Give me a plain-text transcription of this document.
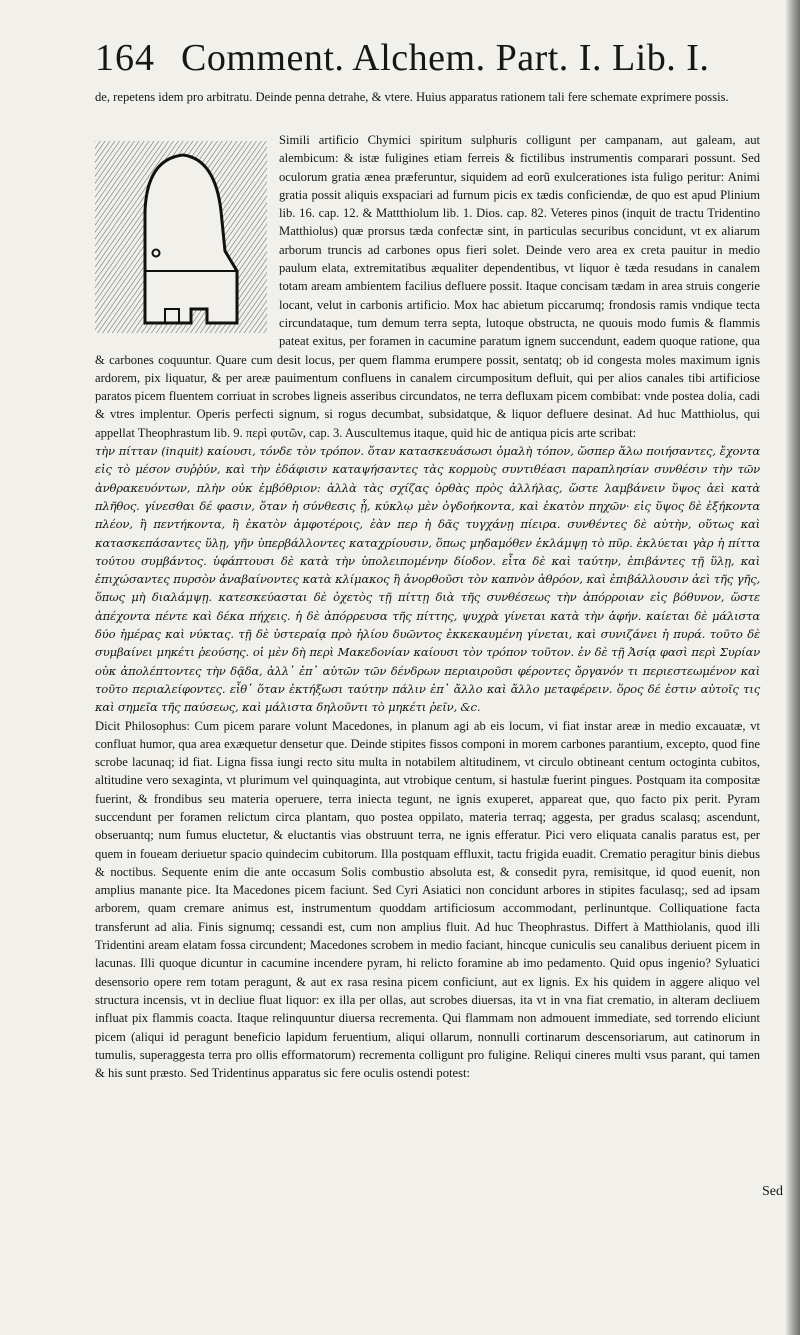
164 Comment. Alchem. Part. I. Lib. I.

de, repetens idem pro arbitratu. Deinde penna detrahe, & vtere. Huius apparatus rationem tali fere schemate exprimere possis.

Simili artificio Chymici spiritum sulphuris colligunt per campanam, aut galeam, aut alembicum: & istæ fuligines etiam ferreis & fictilibus instrumentis comparari possunt. Sed oculorum gratia ænea præferuntur, siquidem ad eorũ exulcerationes ista fuligo peritur: Animi gratia possit aliquis exspaciari ad furnum picis ex tædis conficiendæ, de quo est apud Plinium lib. 16. cap. 12. & Mattthiolum lib. 1. Dios. cap. 82. Veteres pinos (inquit de tractu Tridentino Matthiolus) quæ prorsus tæda confectæ sint, in particulas securibus concidunt, vt ex aliarum arborum truncis ad carbones opus fieri solet. Deinde vero area ex creta pauitur in medio paulum elata, extremitatibus æqualiter dependentibus, vt liquor è tæda resudans in canalem totam aream ambientem facilius defluere possit. Itaque concisam tædam in area struis congerie locant, velut in carbonis artificio. Mox hac abietum piccarumq; frondosis ramis vndique tecta circundataque, tum demum terra septa, lutoque obstructa, ne quouis modo fumis & flammis pateat exitus, per foramen in cacumine paratum ignem succendunt, eadem quoque ratione, qua & carbones coquuntur. Quare cum desit locus, per quem flamma erumpere possit, sentatq; ob id congesta moles maximum ignis ardorem, pix liquatur, & per areæ pauimentum confluens in canalem circumpositum defluit, qui per alios canales tibi artificiose paratos picem fluentem corriuat in scrobes ligneis asseribus circundatos, ne terra defluxam picem combibat: vnde postea dolia, cadi & vtres implentur. Operis perfecti signum, si rogus decumbat, subsidatque, & liquor defluere desinat. Ad huc Matthiolus, qui appellat Theophrastum lib. 9. περὶ φυτῶν, cap. 3. Auscultemus itaque, quid hic de antiqua picis arte scribat:

τὴν πίτταν (inquit) καίουσι, τόνδε τὸν τρόπον. ὅταν κατασκευάσωσι ὁμαλὴ τόπον, ὥσπερ ἅλω ποιήσαντες, ἔχοντα εἰς τὸ μέσον συῤῥύν, καὶ τὴν ἐδάφισιν καταψήσαντες τὰς κορμοὺς συντιθέασι παραπλησίαν συνθέσιν τὴν τῶν ἀνθρακευόντων, πλὴν οὐκ ἐμβόθριον: ἀλλὰ τὰς σχίζας ὀρθὰς πρὸς ἀλλήλας, ὥστε λαμβάνειν ὕψος ἀεὶ κατὰ πλῆθος. γίνεσθαι δέ φασιν, ὅταν ἡ σύνθεσις ᾖ, κύκλῳ μὲν ὀγδοήκοντα, καὶ ἑκατὸν πηχῶν· εἰς ὕψος δὲ ἑξήκοντα πλέον, ἢ πεντήκοντα, ἢ ἑκατὸν ἀμφοτέροις, ἐὰν περ ἡ δᾶς τυγχάνῃ πίειρα. συνθέντες δὲ αὐτὴν, οὕτως καὶ κατασκεπάσαντες ὕλῃ, γῆν ὑπερβάλλοντες καταχρίουσιν, ὅπως μηδαμόθεν ἐκλάμψῃ τὸ πῦρ. ἐκλύεται γὰρ ἡ πίττα τούτου συμβάντος. ὑφάπτουσι δὲ κατὰ τὴν ὑπολειπομένην δίοδον. εἶτα δὲ καὶ ταύτην, ἐπιβάντες τῇ ὕλῃ, καὶ ἐπιχώσαντες πυρσὸν ἀναβαίνοντες κατὰ κλίμακος ἢ ἀνορθοῦσι τὸν καπνὸν ἀθρόον, καὶ ἐπιβάλλουσιν ἀεὶ τῆς γῆς, ὅπως μὴ διαλάμψῃ. κατεσκεύασται δὲ ὀχετὸς τῇ πίττῃ διὰ τῆς συνθέσεως τὴν ἀπόρροιαν εἰς βόθυνον, ὥστε ἀπέχοντα πέντε καὶ δέκα πήχεις. ἡ δὲ ἀπόρρευσα τῆς πίττης, ψυχρὰ γίνεται κατὰ τὴν ἁφήν. καίεται δὲ μάλιστα δύο ἡμέρας καὶ νύκτας. τῇ δὲ ὑστεραίᾳ πρὸ ἡλίου δυῶντος ἐκκεκαυμένη γίνεται, καὶ συνιζάνει ἡ πυρά. τοῦτο δὲ συμβαίνει μηκέτι ῥεούσης. οἱ μὲν δὴ περὶ Μακεδονίαν καίουσι τὸν τρόπον τοῦτον. ἐν δὲ τῇ Ἀσίᾳ φασὶ περὶ Συρίαν οὐκ ἀπολέπτοντες τὴν δᾷδα, ἀλλ᾽ ἐπ᾽ αὐτῶν τῶν δένδρων περιαιροῦσι φέροντες ὄργανόν τι περιεστεωμένον καὶ τοῦτο περιαλείφοντες. εἶθ᾽ ὅταν ἐκτήξωσι ταύτην πάλιν ἐπ᾽ ἄλλο καὶ ἄλλο μεταφέρειν. ὅρος δέ ἐστιν αὐτοῖς τις καὶ σημεῖα τῆς παύσεως, καὶ μάλιστα δηλοῦντι τὸ μηκέτι ῥεῖν, &c.

Dicit Philosophus: Cum picem parare volunt Macedones, in planum agi ab eis locum, vi fiat instar areæ in medio excauatæ, vt confluat humor, qua area exæquetur densetur que. Deinde stipites fissos componi in morem carbones parantium, excepto, quod fine scrobe lacunaq; id fiat. Ligna fissa iungi recto situ multa in notabilem altitudinem, vt circulo obtineant centum octoginta cubitos, altitudine vero sexaginta, vt plurimum vel quinquaginta, aut vtrobique centum, si hastulæ fuerint pingues. Postquam ita compositæ fuerint, & frondibus seu materia operuere, terra iniecta tegunt, ne ignis exuperet, appareat que, quo facto pix perit. Pyram succendunt per foramen relictum circa plantam, quo postea oppilato, materia terraq; aggesta, per gradus scalasq; ascendunt, obseruantq; num fumus eluctetur, & eluctantis vias obstruunt terra, ne ignis efferatur. Pici vero eliquata canalis paratus est, per quem in foueam deriuetur spacio quindecim cubitorum. Illa postquam effluxit, tactu frigida euadit. Crematio peragitur binis diebus & noctibus. Sequente enim die ante occasum Solis combustio absoluta est, & consedit pyra, remisitque, id quod euenit, non amplius manante pice. Ita Macedones picem faciunt. Sed Cyri Asiatici non concidunt arbores in stipites faculasq;, sed ad ipsam arborem, quam cremare animus est, instrumentum quoddam artificiosum accommodant, perlinuntque. Colliquatione facta transferunt ad alia. Finis signumq; cessandi est, cum non amplius fluit. Ad huc Theophrastus. Differt à Matthiolanis, quod illi Tridentini aream elatam fossa circundent; Macedones scrobem in medio faciant, hincque cuniculis seu canalibus deriuent picem in lacunas. Illi quoque dicuntur in cacumine incendere pyram, hi relicto foramine ab imo pedamento. Quid opus ingenio? Syluatici desensorio opere rem totam peragunt, & aut ex rasa resina picem conficiunt, aut ex lignis. Ex his quidem in aggere aliquo vel structura incensis, vt in decliue fluat liquor: ex illa per ollas, aut scrobes diuersas, ita vt in vna fiat crematio, in alteram decliuem influat pix flammis coacta. Itaque relinquuntur diuersa recrementa. Qui flammam non admouent immediate, sed torrendo eliciunt picem (aliqui id peragunt beneficio lapidum feruentium, aliqui ollarum, nonnulli cortinarum descensoriarum, aut catinorum in tumulis, superaggesta terra pro ollis efformatorum) recrementa colligunt pro fuligine. Reliqui cineres multi vsus parant, qui tamen & his sunt præsto. Sed Tridentinus apparatus sic fere oculis ostendi potest:

Sed
